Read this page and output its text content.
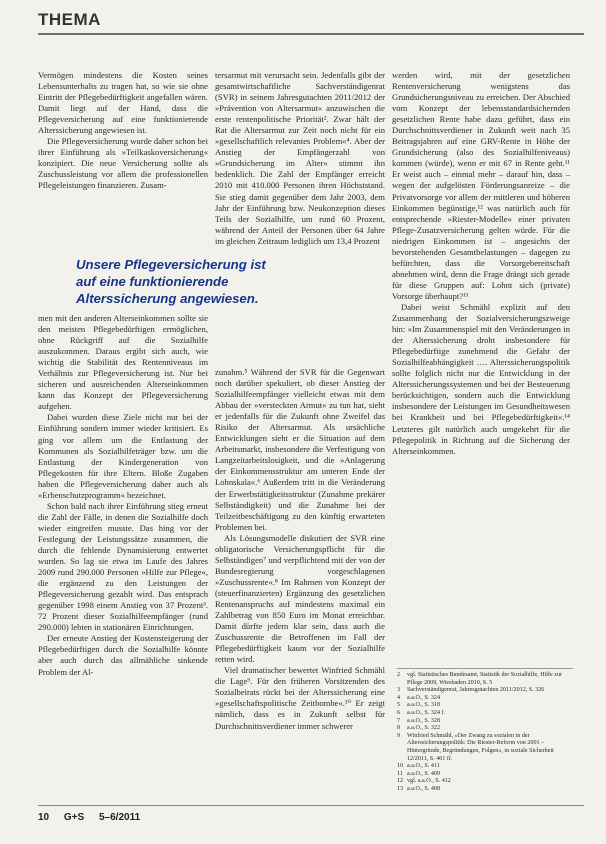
THEMA

Vermögen mindestens die Kosten seines Lebensunterhalts zu tragen hat, so wie sie ohne Eintritt der Pflegebedürftigkeit angefallen wären. Damit liegt auf der Hand, dass die Pflegeversicherung auf eine funktionierende Alterssicherung angewiesen ist.

Die Pflegeversicherung wurde daher schon bei ihrer Einführung als »Teilkaskoversicherung« konzipiert. Die neue Versicherung sollte als Zuschussleistung vor allem die professionellen Pflegeleistungen finanzieren. Zusam-

Unsere Pflegeversicherung ist auf eine funktionierende Alterssicherung angewiesen.

men mit den anderen Alterseinkommen sollte sie den meisten Pflegebedürftigen ermöglichen, ohne Rückgriff auf die Sozialhilfe auszukommen. Daraus ergibt sich auch, wie wichtig die Stabilität des Rentenniveaus im Verhältnis zur Pflegeversicherung ist. Nur bei sicheren und ausreichenden Alterseinkommen kann das Konzept der Pflegeversicherung aufgehen.

Dabei wurden diese Ziele nicht nur bei der Einführung sondern immer wieder kritisiert. Es ging vor allem um die Entlastung der Kommunen als Sozialhilfeträger bzw. um die Entlastung der Kindergeneration von Pflegekosten für ihre Eltern. Bloße Zugaben haben die Pflegeversicherung daher auch als »Erbenschutzprogramm« bezeichnet.

Schon bald nach ihrer Einführung stieg erneut die Zahl der Fälle, in denen die Sozialhilfe doch wieder eingreifen musste. Das hing vor der Festlegung der Leistungssätze zusammen, die durch die fehlende Dynamisierung entwertet wurden. So lag sie etwa im Laufe des Jahres 2009 rund 290.000 Personen »Hilfe zur Pflege«, die ergänzend zu den Leistungen der Pflegeversicherung gezahlt wird. Das entsprach gegenüber 1998 einem Anstieg von 37 Prozent³. 72 Prozent dieser Sozialhilfeempfänger (rund 290.000) lebten in stationären Einrichtungen.

Der erneute Anstieg der Kostensteigerung der Pflegebedürftigen durch die Sozialhilfe könnte aber auch durch das allmähliche sinkende Problem der Al-

tersarmut mit verursacht sein. Jedenfalls gibt der gesamtwirtschaftliche Sachverständigenrat (SVR) in seinem Jahresgutachten 2011/2012 der »Prävention von Altersarmut« anzuwischen die erste rentenpolitische Priorität². Zwar hält der Rat die Altersarmut zur Zeit noch nicht für ein »gesellschaftlich relevantes Problem«⁴. Aber der Anstieg der Empfängerzahl von »Grundsicherung im Alter« stimmt ihn bedenklich. Die Zahl der Empfänger erreicht 2010 mit 410.000 Personen ihren Höchststand. Sie stieg damit gegenüber dem Jahr 2003, dem Jahr der Einführung bzw. Neukonzeption dieses Teils der Sozialhilfe, um rund 60 Prozent, während der Anteil der Personen über 64 Jahre im gleichen Zeitraum lediglich um 13,4 Prozent

zunahm.⁵ Während der SVR für die Gegenwart noch darüber spekuliert, ob dieser Anstieg der Sozialhilfeempfänger vielleicht etwas mit dem Abbau der »versteckten Armut« zu tun hat, sieht er jedenfalls für die Zukunft ohne Zweifel das Risiko der Altersarmut. Als ursächliche Entwicklungen sieht er die Situation auf dem Arbeitsmarkt, insbesondere die Verfestigung von Langzeitarbeitslosigkeit, und die »Anlagerung der Einkommensstruktur am unteren Ende der Lohnskala«.⁶ Außerdem tritt in die Veränderung der Erwerbstätigkeitsstruktur (Zunahme prekärer Selbständigkeit) und die Zunahme bei der Teilzeitbeschäftigung zu den künftig erwarteten Problemen bei.

Als Lösungsmodelle diskutiert der SVR eine obligatorische Versicherungspflicht für die Selbständigen⁷ und verpflichtend mit der von der Bundesregierung vorgeschlagenen »Zuschussrente«.⁸ Im Rahmen von Konzept der (steuerfinanzierten) Ergänzung des gesetzlichen Rentenanspruchs auf mindestens maximal ein Zahlbetrag von 850 Euro im Monat erreichbar. Damit dürfte jedem klar sein, dass auch die Zuschussrente die Betroffenen im Fall der Pflegebedürftigkeit kaum vor der Sozialhilfe retten wird.

Viel dramatischer bewertet Winfried Schmähl die Lage⁹. Für den früheren Vorsitzenden des Sozialbeirats rückt bei der Alterssicherung eine »gesellschaftspolitische Zeitbombe«.¹⁰ Er zeigt nämlich, dass es in Zukunft selbst für Durchschnittsverdiener immer schwerer

werden wird, mit der gesetzlichen Rentenversicherung wenigstens das Grundsicherungsniveau zu erreichen. Der Abschied vom Konzept der lebensstandardsichernden gesetzlichen Rente habe dazu geführt, dass ein Durchschnittsverdiener in Zukunft weit nach 35 Beitragsjahren auf eine GRV-Rente in Höhe der Grundsicherung (also des Sozialhilfeniveaus) kommen (würde), wenn er mit 67 in Rente geht.¹¹ Er weist auch – einmal mehr – darauf hin, dass – wegen der aufgelösten Förderungsanreize – die Privatvorsorge vor allem der mittleren und höheren Einkommen begünstige,¹² was natürlich auch für entsprechende »Riester-Modelle« einer privaten Pflege-Zusatzversicherung gelten würde. Für die niedrigen Einkommen ist – angesichts der bevorstehenden Gesamtbelastungen – dagegen zu befürchten, dass die Vorsorgebereitschaft abnehmen wird, denn die Frage drängt sich gerade für diese Gruppen auf: Lohnt sich (private) Vorsorge überhaupt?¹³

Dabei weist Schmähl explizit auf den Zusammenhang der Sozialversicherungszweige hin: »Im Zusammenspiel mit den Veränderungen in der Alterssicherung droht insbesondere für Pflegebedürftige zunehmend die Gefahr der Sozialhilfeabhängigkeit …. Alterssicherungspolitik sollte folglich nicht nur die Entwicklung in der Alterssicherungssystemen und bei der Besteuerung berücksichtigen, sondern auch die Entwicklung insbesondere der Leistungen im Gesundheitswesen bei Krankheit und bei Pflegebedürftigkeit«.¹⁴ Letzteres gilt natürlich auch umgekehrt für die Pflegepolitik in Richtung auf die Sicherung der Alterseinkommen.

2	vgl. Statistisches Bundesamt, Statistik der Sozialhilfe, Hilfe zur Pflege 2009, Wiesbaden 2010, S. 5
3	Sachverständigenrat, Jahresgutachten 2011/2012, S. 326
4	a.a.O., S. 324
5	a.a.O., S. 318
6	a.a.O., S. 324 f.
7	a.a.O., S. 328
8	a.a.O., S. 322
9	Winfried Schmähl, »Der Zwang zu sozialen in der Alterssicherungspolitik: Die Riester-Reform von 2001 – Hintergründe, Begründungen, Folgen«, in soziale Sicherheit 12/2011, S. 401 ff.
10 a.a.O., S. 411
11 a.a.O., S. 409
12 vgl. a.a.O., S. 412
13 a.a.O., S. 408
10 G+S 5–6/2011
